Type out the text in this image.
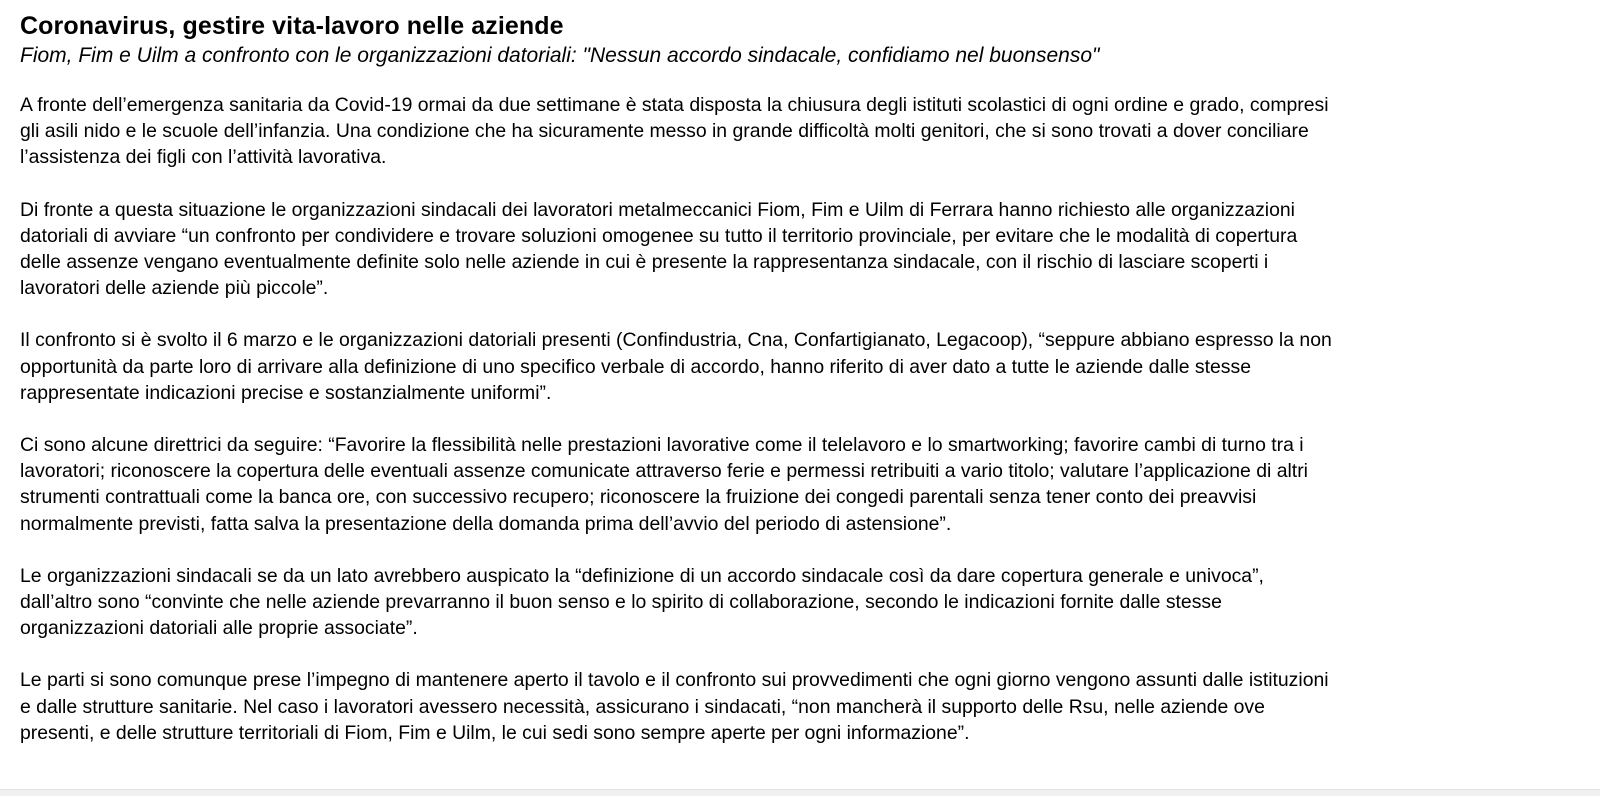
Coronavirus, gestire vita-lavoro nelle aziende

Fiom, Fim e Uilm a confronto con le organizzazioni datoriali: "Nessun accordo sindacale, confidiamo nel buonsenso"

A fronte dell’emergenza sanitaria da Covid-19 ormai da due settimane è stata disposta la chiusura degli istituti scolastici di ogni ordine e grado, compresi
gli asili nido e le scuole dell’infanzia. Una condizione che ha sicuramente messo in grande difficoltà molti genitori, che si sono trovati a dover conciliare
l’assistenza dei figli con l’attività lavorativa.

Di fronte a questa situazione le organizzazioni sindacali dei lavoratori metalmeccanici Fiom, Fim e Uilm di Ferrara hanno richiesto alle organizzazioni
datoriali di avviare “un confronto per condividere e trovare soluzioni omogenee su tutto il territorio provinciale, per evitare che le modalità di copertura
delle assenze vengano eventualmente definite solo nelle aziende in cui è presente la rappresentanza sindacale, con il rischio di lasciare scoperti i
lavoratori delle aziende più piccole”.

Il confronto si è svolto il 6 marzo e le organizzazioni datoriali presenti (Confindustria, Cna, Confartigianato, Legacoop), “seppure abbiano espresso la non
opportunità da parte loro di arrivare alla definizione di uno specifico verbale di accordo, hanno riferito di aver dato a tutte le aziende dalle stesse
rappresentate indicazioni precise e sostanzialmente uniformi”.

Ci sono alcune direttrici da seguire: “Favorire la flessibilità nelle prestazioni lavorative come il telelavoro e lo smartworking; favorire cambi di turno tra i
lavoratori; riconoscere la copertura delle eventuali assenze comunicate attraverso ferie e permessi retribuiti a vario titolo; valutare l’applicazione di altri
strumenti contrattuali come la banca ore, con successivo recupero; riconoscere la fruizione dei congedi parentali senza tener conto dei preavvisi
normalmente previsti, fatta salva la presentazione della domanda prima dell’avvio del periodo di astensione”.

Le organizzazioni sindacali se da un lato avrebbero auspicato la “definizione di un accordo sindacale così da dare copertura generale e univoca”,
dall’altro sono “convinte che nelle aziende prevarranno il buon senso e lo spirito di collaborazione, secondo le indicazioni fornite dalle stesse
organizzazioni datoriali alle proprie associate”.

Le parti si sono comunque prese l’impegno di mantenere aperto il tavolo e il confronto sui provvedimenti che ogni giorno vengono assunti dalle istituzioni
e dalle strutture sanitarie. Nel caso i lavoratori avessero necessità, assicurano i sindacati, “non mancherà il supporto delle Rsu, nelle aziende ove
presenti, e delle strutture territoriali di Fiom, Fim e Uilm, le cui sedi sono sempre aperte per ogni informazione”.
